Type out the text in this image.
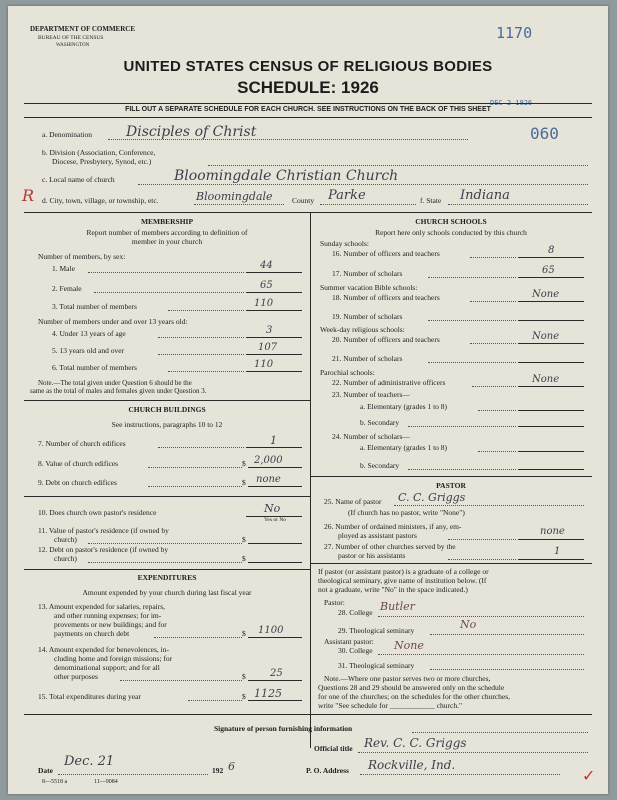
DEPARTMENT OF COMMERCE
BUREAU OF THE CENSUS
WASHINGTON
1170
UNITED STATES CENSUS OF RELIGIOUS BODIES
SCHEDULE: 1926
DEC 2 1926
FILL OUT A SEPARATE SCHEDULE FOR EACH CHURCH. SEE INSTRUCTIONS ON THE BACK OF THIS SHEET
a. Denomination Disciples of Christ	060
b. Division (Association, Conference,
Diocese, Presbytery, Synod, etc.)
c. Local name of church	Bloomingdale Christian Church
R d. City, town, village, or township, etc.	Bloomingdale	County Parke	f. State Indiana
MEMBERSHIP
Report number of members according to definition of
member in your church
Number of members, by sex:
1. Male	44
2. Female	65
3. Total number of members	110
Number of members under and over 13 years old:
4. Under 13 years of age	3
5. 13 years old and over	107
6. Total number of members	110
Note.—The total given under Question 6 should be the
same as the total of males and females given under Question 3.
CHURCH BUILDINGS
See instructions, paragraphs 10 to 12
7. Number of church edifices	1
8. Value of church edifices	$ 2,000
9. Debt on church edifices	$ none
10. Does church own pastor's residence	No
Yes or No
11. Value of pastor's residence (if owned by
church)	$
12. Debt on pastor's residence (if owned by
church)	$
EXPENDITURES
Amount expended by your church during last fiscal year
13. Amount expended for salaries, repairs,
and other running expenses; for im-
provements or new buildings; and for
payments on church debt	$ 1100
14. Amount expended for benevolences, in-
cluding home and foreign missions; for
denominational support; and for all
other purposes	$ 25
15. Total expenditures during year	$ 1125
CHURCH SCHOOLS
Report here only schools conducted by this church
Sunday schools:
16. Number of officers and teachers	8
17. Number of scholars	65
Summer vacation Bible schools:
18. Number of officers and teachers	None
19. Number of scholars
Week-day religious schools:
20. Number of officers and teachers	None
21. Number of scholars
Parochial schools:
22. Number of administrative officers	None
23. Number of teachers—
a. Elementary (grades 1 to 8)
b. Secondary
24. Number of scholars—
a. Elementary (grades 1 to 8)
b. Secondary
PASTOR
25. Name of pastor C. C. Griggs
(If church has no pastor, write "None")
26. Number of ordained ministers, if any, em-
ployed as assistant pastors	none
27. Number of other churches served by the
pastor or his assistants	1
If pastor (or assistant pastor) is a graduate of a college or
theological seminary, give name of institution below. (If
not a graduate, write "No" in the space indicated.)
Pastor:
28. College Butler
29. Theological seminary	No
Assistant pastor:
30. College None
31. Theological seminary
Note.—Where one pastor serves two or more churches,
Questions 28 and 29 should be answered only on the schedule
for one of the churches; on the schedules for the other churches,
write "See schedule for ____________ church."
Signature of person furnishing information
Official title Rev. C. C. Griggs
Date
Dec. 21
192 6	P. O. Address Rockville, Ind.
8—5518 a	11—9084	✓
